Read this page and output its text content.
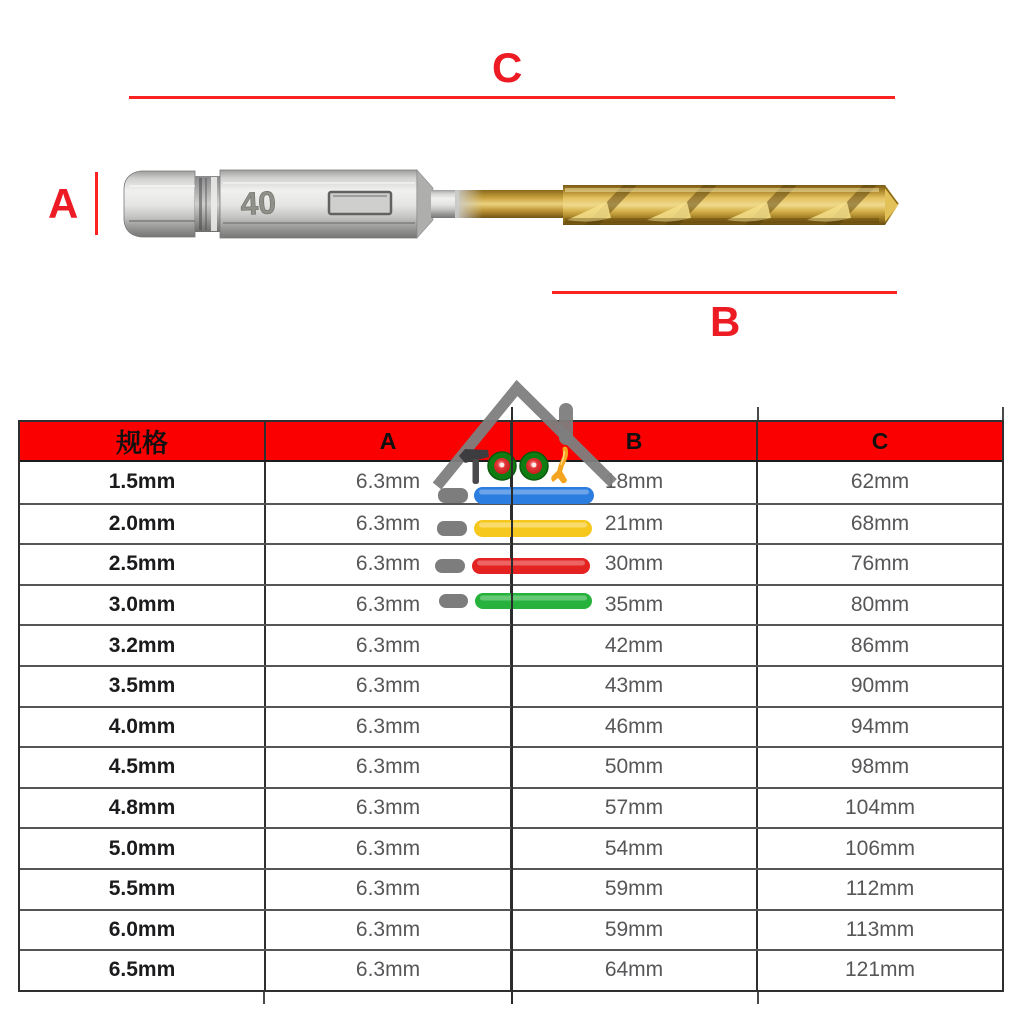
C
A
B
40
规格	A	B	C
1.5mm	6.3mm	18mm	62mm
2.0mm	6.3mm	21mm	68mm
2.5mm	6.3mm	30mm	76mm
3.0mm	6.3mm	35mm	80mm
3.2mm	6.3mm	42mm	86mm
3.5mm	6.3mm	43mm	90mm
4.0mm	6.3mm	46mm	94mm
4.5mm	6.3mm	50mm	98mm
4.8mm	6.3mm	57mm	104mm
5.0mm	6.3mm	54mm	106mm
5.5mm	6.3mm	59mm	112mm
6.0mm	6.3mm	59mm	113mm
6.5mm	6.3mm	64mm	121mm
